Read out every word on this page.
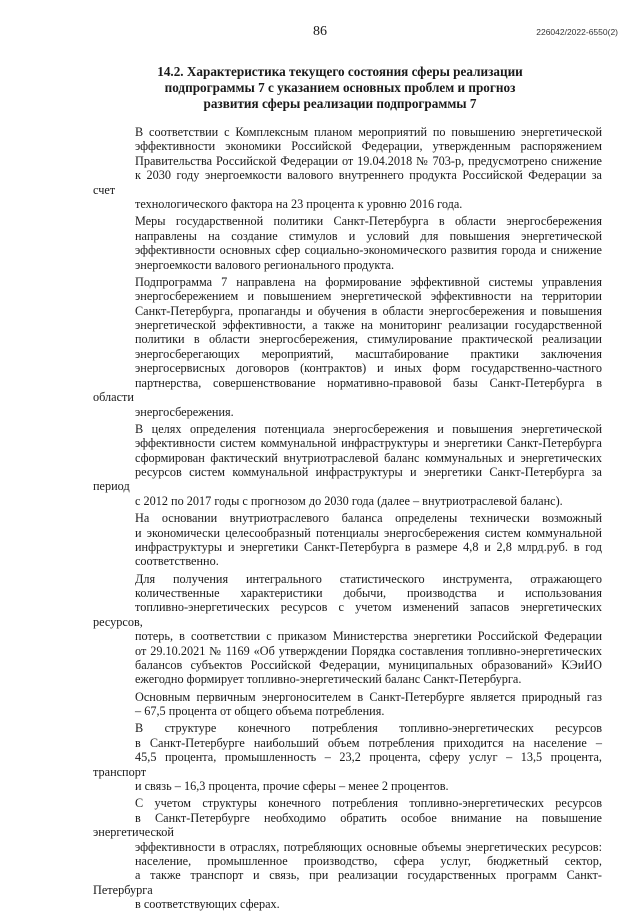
86	226042/2022-6550(2)
14.2. Характеристика текущего состояния сферы реализации
подпрограммы 7 с указанием основных проблем и прогноз
развития сферы реализации подпрограммы 7

В соответствии с Комплексным планом мероприятий по повышению энергетической
эффективности экономики Российской Федерации, утвержденным распоряжением
Правительства Российской Федерации от 19.04.2018 № 703-р, предусмотрено снижение
к 2030 году энергоемкости валового внутреннего продукта Российской Федерации за счет
технологического фактора на 23 процента к уровню 2016 года.

Меры государственной политики Санкт-Петербурга в области энергосбережения
направлены на создание стимулов и условий для повышения энергетической
эффективности основных сфер социально-экономического развития города и снижение
энергоемкости валового регионального продукта.

Подпрограмма 7 направлена на формирование эффективной системы управления
энергосбережением и повышением энергетической эффективности на территории
Санкт-Петербурга, пропаганды и обучения в области энергосбережения и повышения
энергетической эффективности, а также на мониторинг реализации государственной
политики в области энергосбережения, стимулирование практической реализации
энергосберегающих мероприятий, масштабирование практики заключения
энергосервисных договоров (контрактов) и иных форм государственно-частного
партнерства, совершенствование нормативно-правовой базы Санкт-Петербурга в области
энергосбережения.

В целях определения потенциала энергосбережения и повышения энергетической
эффективности систем коммунальной инфраструктуры и энергетики Санкт-Петербурга
сформирован фактический внутриотраслевой баланс коммунальных и энергетических
ресурсов систем коммунальной инфраструктуры и энергетики Санкт-Петербурга за период
с 2012 по 2017 годы с прогнозом до 2030 года (далее – внутриотраслевой баланс).

На основании внутриотраслевого баланса определены технически возможный
и экономически целесообразный потенциалы энергосбережения систем коммунальной
инфраструктуры и энергетики Санкт-Петербурга в размере 4,8 и 2,8 млрд.руб. в год
соответственно.

Для получения интегрального статистического инструмента, отражающего
количественные характеристики добычи, производства и использования
топливно-энергетических ресурсов с учетом изменений запасов энергетических ресурсов,
потерь, в соответствии с приказом Министерства энергетики Российской Федерации
от 29.10.2021 № 1169 «Об утверждении Порядка составления топливно-энергетических
балансов субъектов Российской Федерации, муниципальных образований» КЭиИО
ежегодно формирует топливно-энергетический баланс Санкт-Петербурга.

Основным первичным энергоносителем в Санкт-Петербурге является природный газ
– 67,5 процента от общего объема потребления.

В структуре конечного потребления топливно-энергетических ресурсов
в Санкт-Петербурге наибольший объем потребления приходится на население –
45,5 процента, промышленность – 23,2 процента, сферу услуг – 13,5 процента, транспорт
и связь – 16,3 процента, прочие сферы – менее 2 процентов.

С учетом структуры конечного потребления топливно-энергетических ресурсов
в Санкт-Петербурге необходимо обратить особое внимание на повышение энергетической
эффективности в отраслях, потребляющих основные объемы энергетических ресурсов:
население, промышленное производство, сфера услуг, бюджетный сектор,
а также транспорт и связь, при реализации государственных программ Санкт-Петербурга
в соответствующих сферах.
